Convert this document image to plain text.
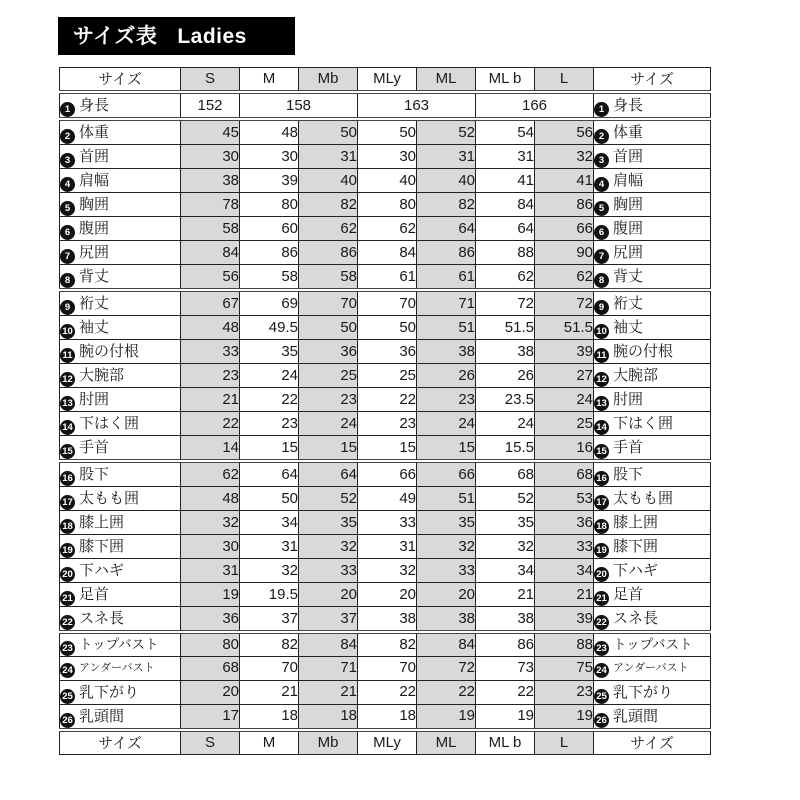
サイズ表 Ladies
サイズ	S	M	Mb	MLy	ML	ML b	L	サイズ
1 身長	152	158		163		166		1 身長
2 体重	45	48	50	50	52	54	56	2 体重
3 首囲	30	30	31	30	31	31	32	3 首囲
4 肩幅	38	39	40	40	40	41	41	4 肩幅
5 胸囲	78	80	82	80	82	84	86	5 胸囲
6 腹囲	58	60	62	62	64	64	66	6 腹囲
7 尻囲	84	86	86	84	86	88	90	7 尻囲
8 背丈	56	58	58	61	61	62	62	8 背丈
9 裄丈	67	69	70	70	71	72	72	9 裄丈
10 袖丈	48	49.5	50	50	51	51.5	51.5	10 袖丈
11 腕の付根	33	35	36	36	38	38	39	11 腕の付根
12 大腕部	23	24	25	25	26	26	27	12 大腕部
13 肘囲	21	22	23	22	23	23.5	24	13 肘囲
14 下はく囲	22	23	24	23	24	24	25	14 下はく囲
15 手首	14	15	15	15	15	15.5	16	15 手首
16 股下	62	64	64	66	66	68	68	16 股下
17 太もも囲	48	50	52	49	51	52	53	17 太もも囲
18 膝上囲	32	34	35	33	35	35	36	18 膝上囲
19 膝下囲	30	31	32	31	32	32	33	19 膝下囲
20 下ハギ	31	32	33	32	33	34	34	20 下ハギ
21 足首	19	19.5	20	20	20	21	21	21 足首
22 スネ長	36	37	37	38	38	38	39	22 スネ長
23 トップバスト	80	82	84	82	84	86	88	23 トップバスト
24 アンダーバスト	68	70	71	70	72	73	75	24 アンダーバスト
25 乳下がり	20	21	21	22	22	22	23	25 乳下がり
26 乳頭間	17	18	18	18	19	19	19	26 乳頭間
サイズ	S	M	Mb	MLy	ML	ML b	L	サイズ
